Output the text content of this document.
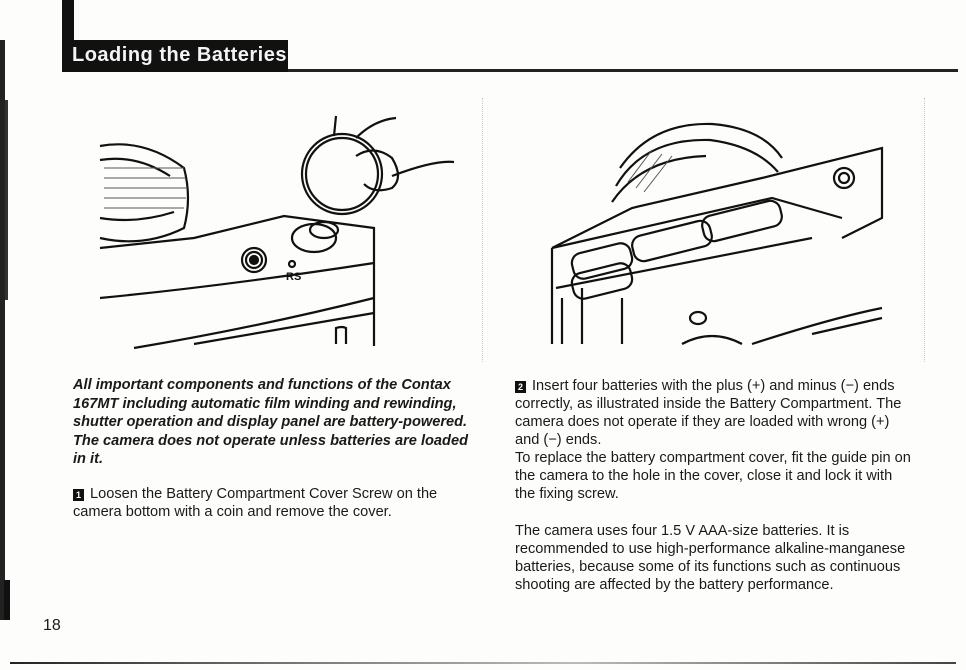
Loading the Batteries
RS
All important components and functions of the Contax 167MT including automatic film winding and rewinding, shutter operation and display panel are battery-powered. The camera does not operate unless batteries are loaded in it.
1 Loosen the Battery Compartment Cover Screw on the camera bottom with a coin and remove the cover.
2 Insert four batteries with the plus (+) and minus (−) ends correctly, as illustrated inside the Battery Compartment. The camera does not operate if they are loaded with wrong (+) and (−) ends.
To replace the battery compartment cover, fit the guide pin on the camera to the hole in the cover, close it and lock it with the fixing screw.
The camera uses four 1.5 V AAA-size batteries. It is recommended to use high-performance alkaline-manganese batteries, because some of its functions such as continuous shooting are affected by the battery performance.
18
